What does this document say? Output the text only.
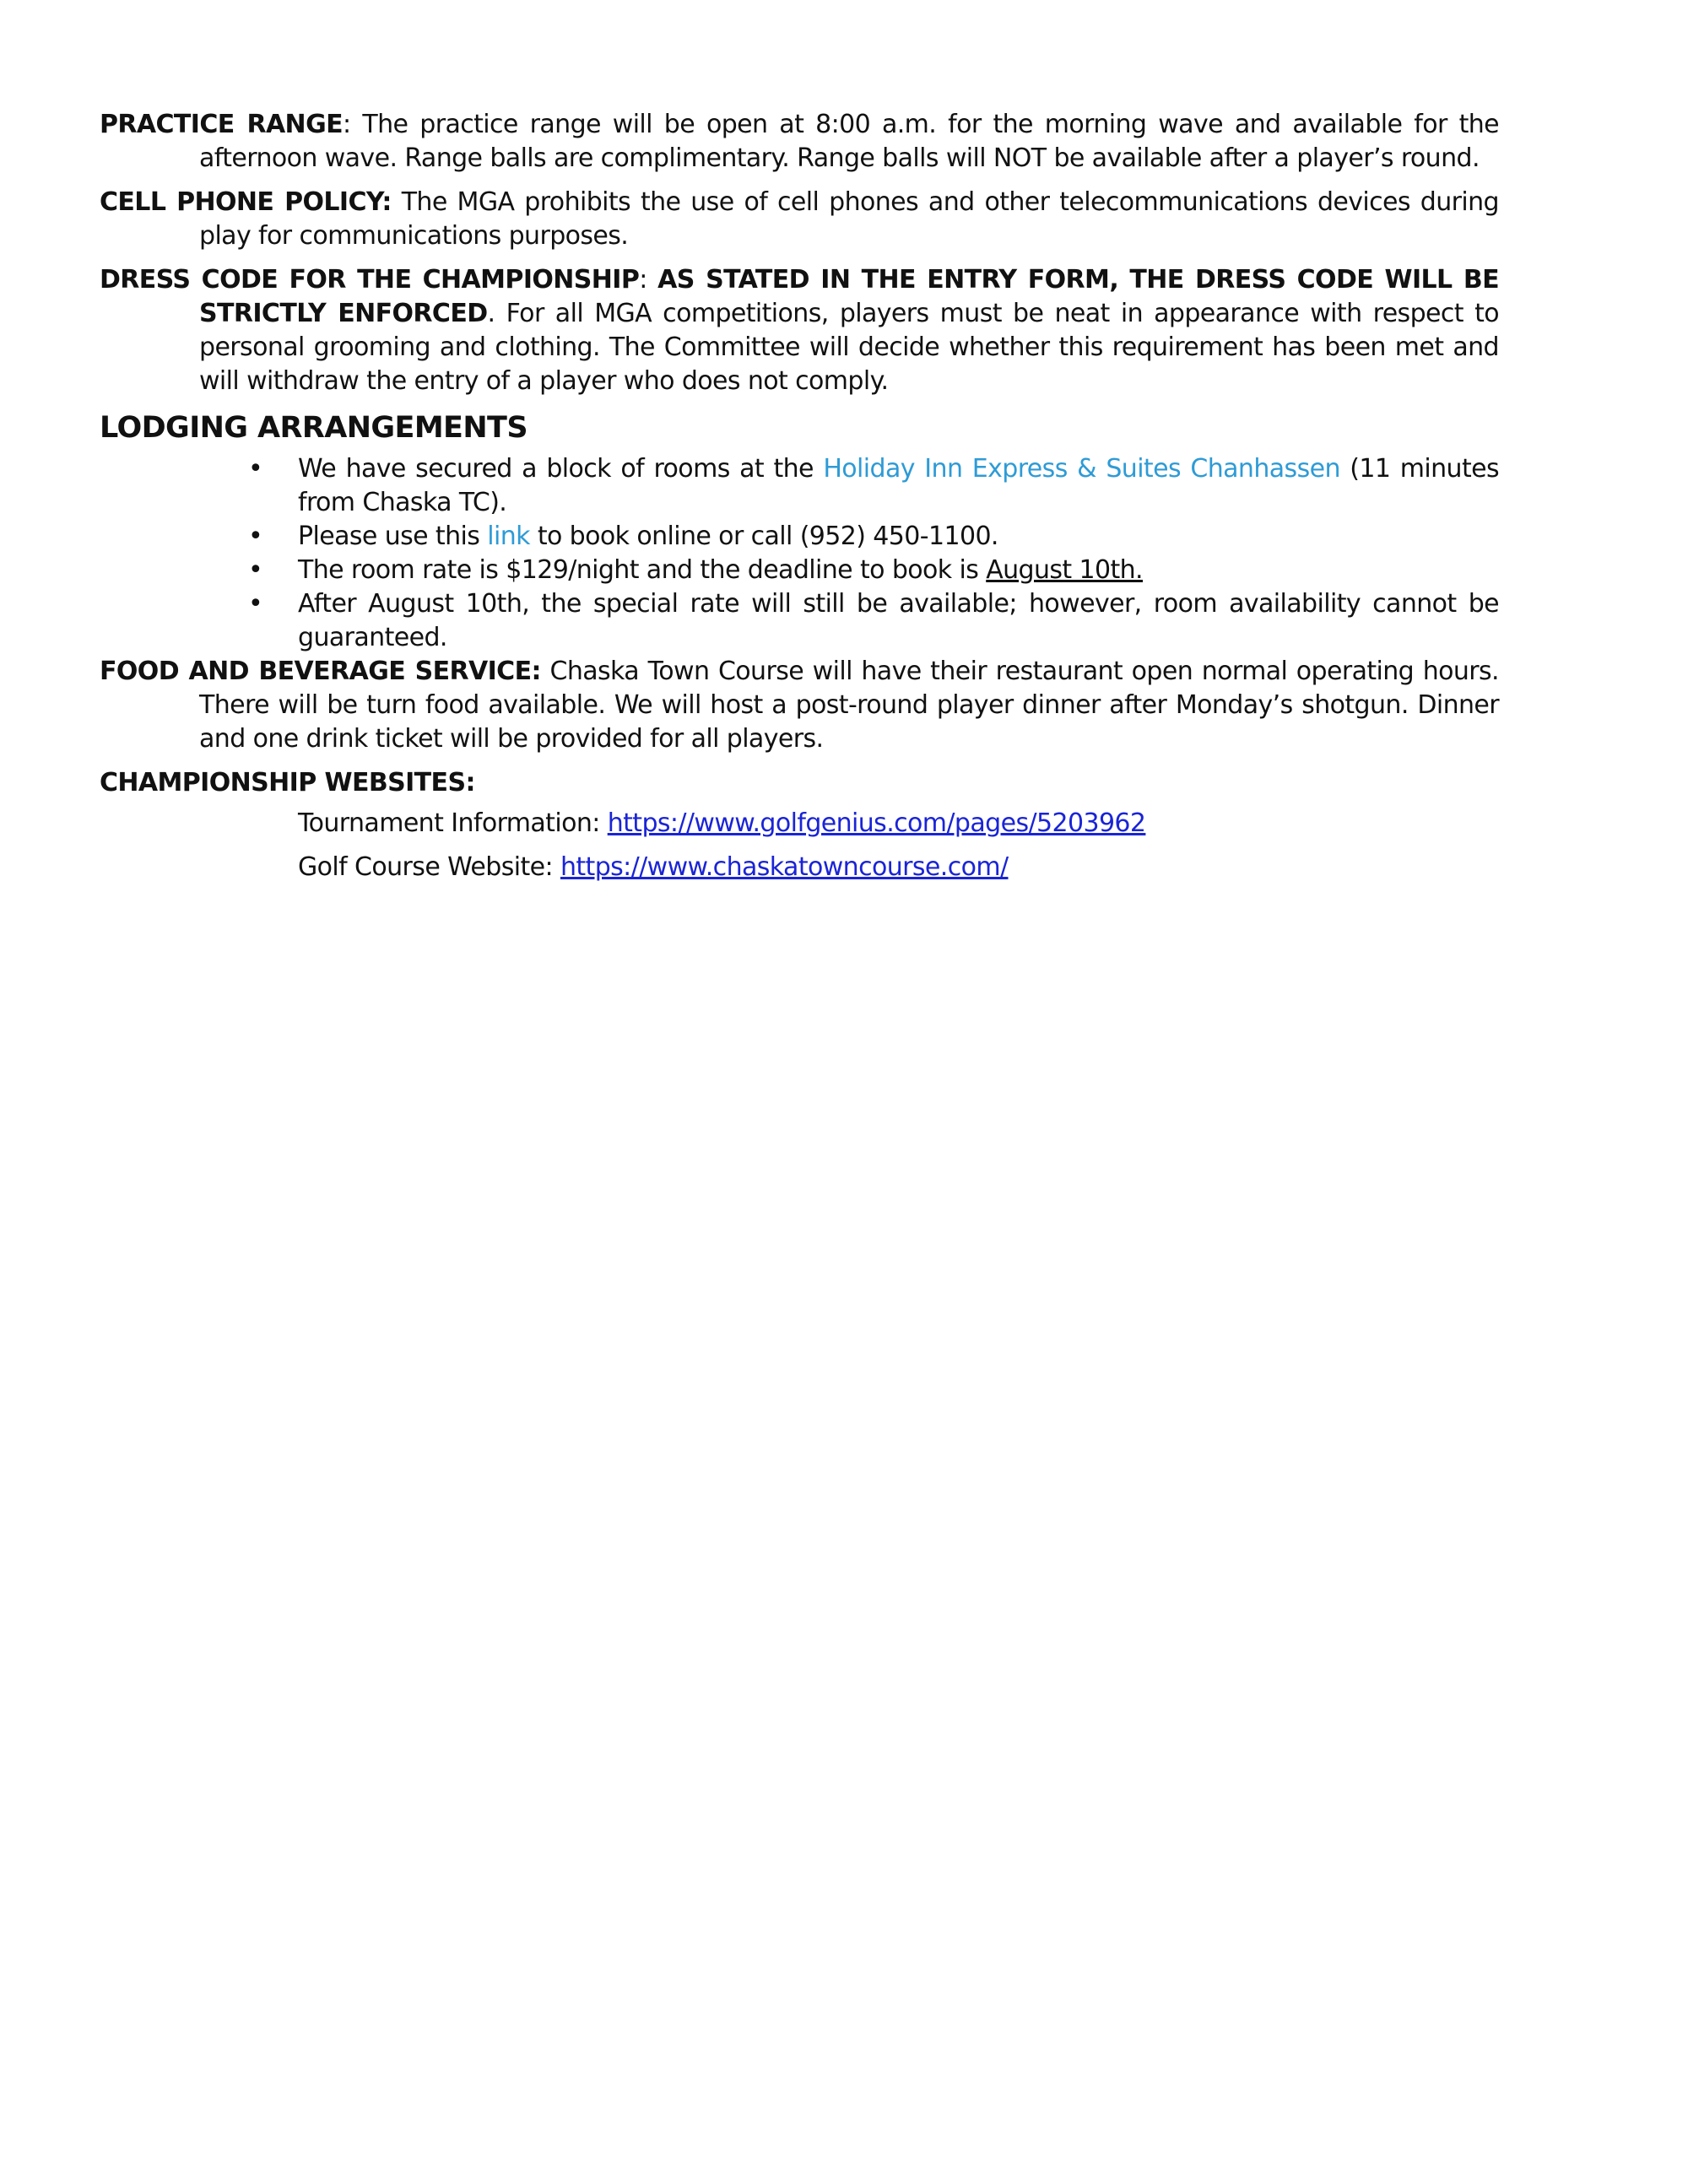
PRACTICE RANGE: The practice range will be open at 8:00 a.m. for the morning wave and available for the afternoon wave. Range balls are complimentary. Range balls will NOT be available after a player’s round.

CELL PHONE POLICY: The MGA prohibits the use of cell phones and other telecommunications devices during play for communications purposes.

DRESS CODE FOR THE CHAMPIONSHIP: AS STATED IN THE ENTRY FORM, THE DRESS CODE WILL BE STRICTLY ENFORCED. For all MGA competitions, players must be neat in appearance with respect to personal grooming and clothing. The Committee will decide whether this requirement has been met and will withdraw the entry of a player who does not comply.

LODGING ARRANGEMENTS
• We have secured a block of rooms at the Holiday Inn Express & Suites Chanhassen (11 minutes from Chaska TC).
• Please use this link to book online or call (952) 450-1100.
• The room rate is $129/night and the deadline to book is August 10th.
• After August 10th, the special rate will still be available; however, room availability cannot be guaranteed.

FOOD AND BEVERAGE SERVICE: Chaska Town Course will have their restaurant open normal operating hours. There will be turn food available. We will host a post-round player dinner after Monday’s shotgun. Dinner and one drink ticket will be provided for all players.

CHAMPIONSHIP WEBSITES:
Tournament Information: https://www.golfgenius.com/pages/5203962
Golf Course Website: https://www.chaskatowncourse.com/
